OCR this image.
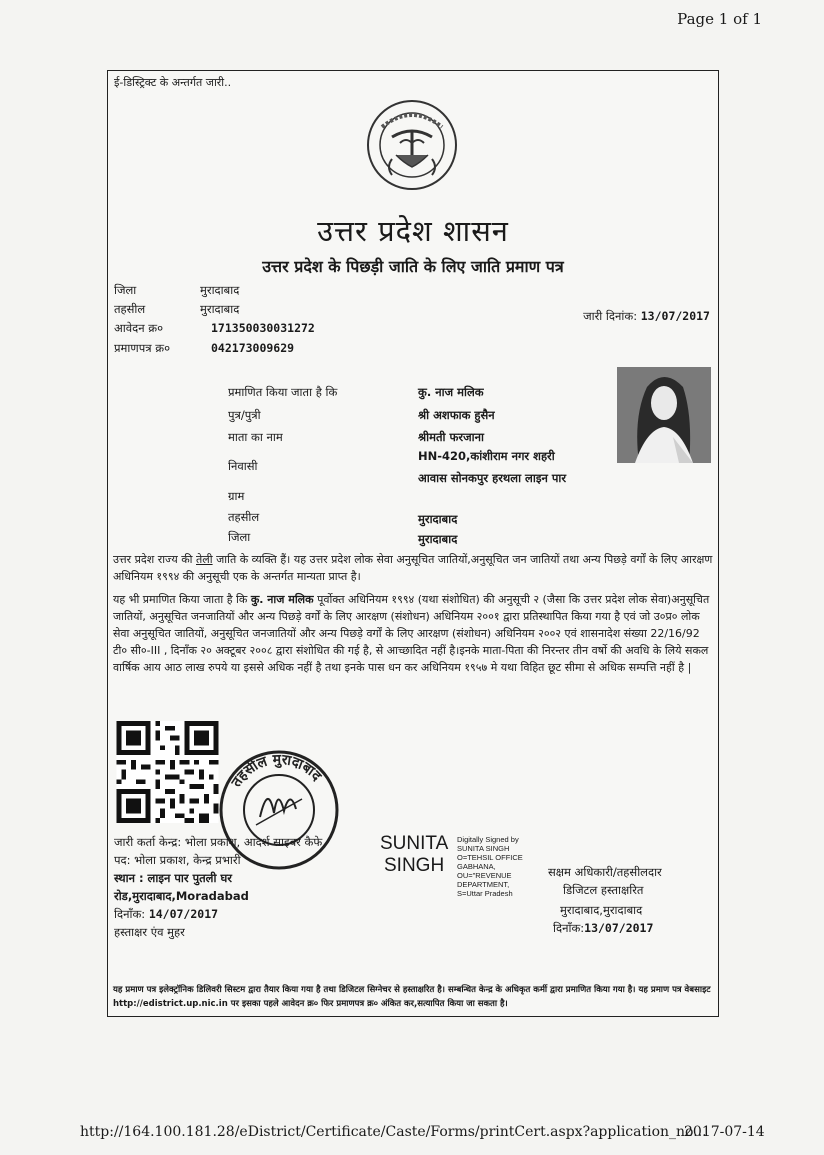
Page 1 of 1
ई-डिस्ट्रिक्ट के अन्तर्गत जारी..
उत्तर प्रदेश शासन
उत्तर प्रदेश के पिछड़ी जाति के लिए जाति प्रमाण पत्र
जिला	मुरादाबाद
तहसील	मुरादाबाद
आवेदन क्र०	171350030031272
प्रमाणपत्र क्र०	042173009629
जारी दिनांक: 13/07/2017
प्रमाणित किया जाता है कि	कु. नाज मलिक
पुत्र/पुत्री	श्री अशफाक हुसैन
माता का नाम	श्रीमती फरजाना
निवासी
HN-420,कांशीराम नगर शहरी
आवास सोनकपुर हरथला लाइन पार
ग्राम
तहसील	मुरादाबाद
जिला	मुरादाबाद
उत्तर प्रदेश राज्य की तेली जाति के व्यक्ति हैं। यह उत्तर प्रदेश लोक सेवा अनुसूचित जातियों,अनुसूचित जन जातियों तथा अन्य पिछड़े वर्गों के लिए आरक्षण अधिनियम १९९४ की अनुसूची एक के अन्तर्गत मान्यता प्राप्त है।
यह भी प्रमाणित किया जाता है कि कु. नाज मलिक पूर्वोक्त अधिनियम १९९४ (यथा संशोधित) की अनुसूची २ (जैसा कि उत्तर प्रदेश लोक सेवा)अनुसूचित जातियों, अनुसूचित जनजातियों और अन्य पिछड़े वर्गों के लिए आरक्षण (संशोधन) अधिनियम २००१ द्वारा प्रतिस्थापित किया गया है एवं जो उ०प्र० लोक सेवा अनुसूचित जातियों, अनुसूचित जनजातियों और अन्य पिछड़े वर्गों के लिए आरक्षण (संशोधन) अधिनियम २००२ एवं शासनादेश संख्या 22/16/92 टी० सी०-III , दिनाँक २० अक्टूबर २००८ द्वारा संशोधित की गई है, से आच्छादित नहीं है।इनके माता-पिता की निरन्तर तीन वर्षो की अवधि के लिये सकल वार्षिक आय आठ लाख रुपये या इससे अधिक नहीं है तथा इनके पास धन कर अधिनियम १९५७ मे यथा विहित छूट सीमा से अधिक सम्पत्ति नहीं है |
तहसील मुरादाबाद
जारी कर्ता केन्द्र: भोला प्रकाश, आदर्श साइबर कैफे
पद: भोला प्रकाश, केन्द्र प्रभारी
स्थान : लाइन पार पुतली घर
रोड,मुरादाबाद,Moradabad
दिनाँक: 14/07/2017
हस्ताक्षर एंव मुहर
SUNITA
SINGH
Digitally Signed by
SUNITA SINGH
O=TEHSIL OFFICE
GABHANA,
OU="REVENUE
DEPARTMENT,
S=Uttar Pradesh
सक्षम अधिकारी/तहसीलदार
डिजिटल हस्ताक्षरित
मुरादाबाद,मुरादाबाद
दिनाँक:13/07/2017
यह प्रमाण पत्र इलेक्ट्रॉनिक डिलिवरी सिस्टम द्वारा तैयार किया गया है तथा डिजिटल सिग्नेचर से हस्ताक्षरित है। सम्बन्धित केन्द्र के अधिकृत कर्मी द्वारा प्रमाणित किया गया है। यह प्रमाण पत्र वेबसाइट http://edistrict.up.nic.in पर इसका पहले आवेदन क्र० फिर प्रमाणपत्र क्र० अंकित कर,सत्यापित किया जा सकता है।
http://164.100.181.28/eDistrict/Certificate/Caste/Forms/printCert.aspx?application_no...
2017-07-14
